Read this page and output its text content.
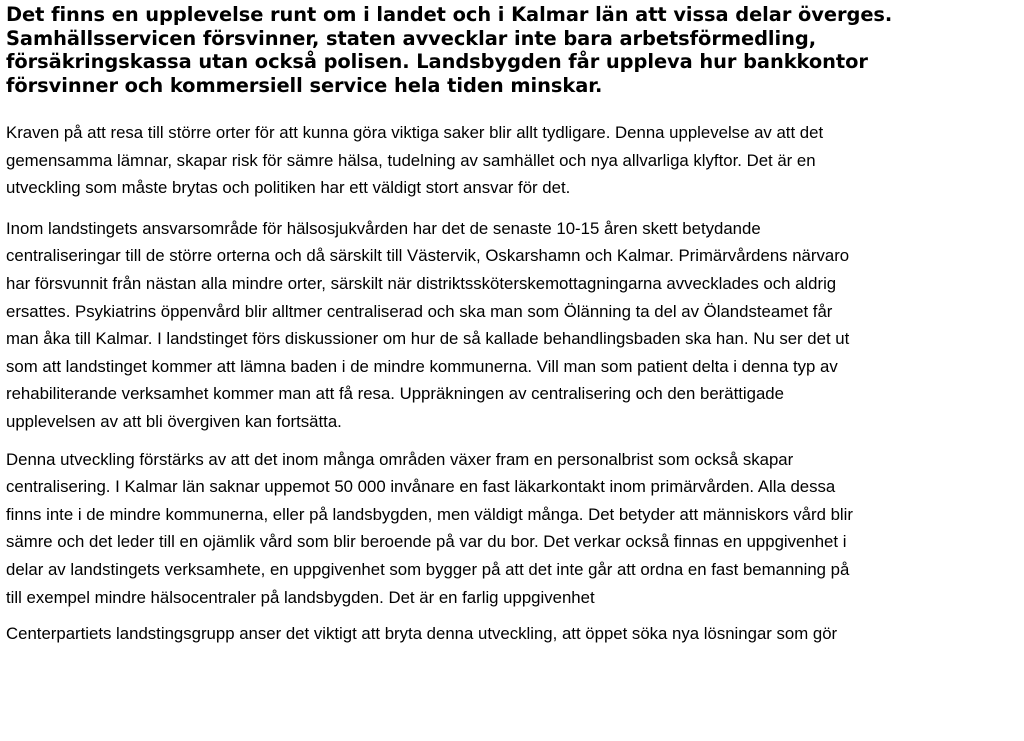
Det finns en upplevelse runt om i landet och i Kalmar län att vissa delar överges.
Samhällsservicen försvinner, staten avvecklar inte bara arbetsförmedling,
försäkringskassa utan också polisen. Landsbygden får uppleva hur bankkontor
försvinner och kommersiell service hela tiden minskar.
Kraven på att resa till större orter för att kunna göra viktiga saker blir allt tydligare. Denna upplevelse av att det
gemensamma lämnar, skapar risk för sämre hälsa, tudelning av samhället och nya allvarliga klyftor. Det är en
utveckling som måste brytas och politiken har ett väldigt stort ansvar för det.
Inom landstingets ansvarsområde för hälsosjukvården har det de senaste 10-15 åren skett betydande
centraliseringar till de större orterna och då särskilt till Västervik, Oskarshamn och Kalmar. Primärvårdens närvaro
har försvunnit från nästan alla mindre orter, särskilt när distriktssköterskemottagningarna avvecklades och aldrig
ersattes. Psykiatrins öppenvård blir alltmer centraliserad och ska man som Ölänning ta del av Ölandsteamet får
man åka till Kalmar. I landstinget förs diskussioner om hur de så kallade behandlingsbaden ska han. Nu ser det ut
som att landstinget kommer att lämna baden i de mindre kommunerna. Vill man som patient delta i denna typ av
rehabiliterande verksamhet kommer man att få resa. Uppräkningen av centralisering och den berättigade
upplevelsen av att bli övergiven kan fortsätta.
Denna utveckling förstärks av att det inom många områden växer fram en personalbrist som också skapar
centralisering. I Kalmar län saknar uppemot 50 000 invånare en fast läkarkontakt inom primärvården. Alla dessa
finns inte i de mindre kommunerna, eller på landsbygden, men väldigt många. Det betyder att människors vård blir
sämre och det leder till en ojämlik vård som blir beroende på var du bor. Det verkar också finnas en uppgivenhet i
delar av landstingets verksamhete, en uppgivenhet som bygger på att det inte går att ordna en fast bemanning på
till exempel mindre hälsocentraler på landsbygden. Det är en farlig uppgivenhet
Centerpartiets landstingsgrupp anser det viktigt att bryta denna utveckling, att öppet söka nya lösningar som gör
